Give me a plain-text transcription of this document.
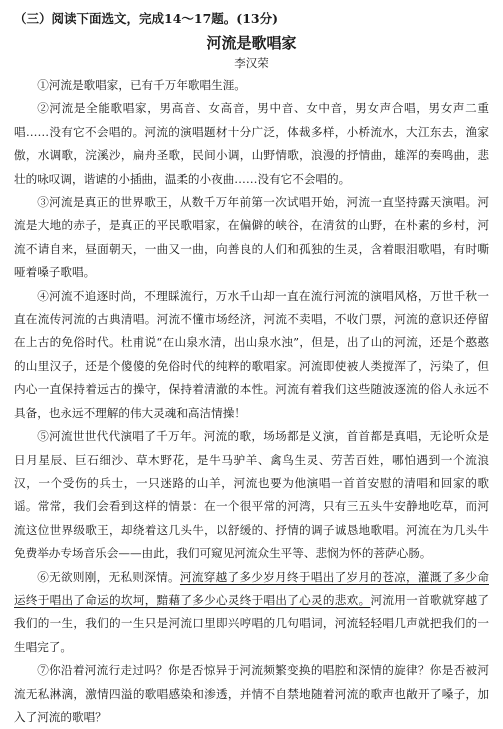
（三）阅读下面选文，完成14～17题。(13分)
河流是歌唱家
李汉荣

①河流是歌唱家，已有千万年歌唱生涯。

②河流是全能歌唱家，男高音、女高音，男中音、女中音，男女声合唱，男女声二重唱……没有它不会唱的。河流的演唱题材十分广泛，体裁多样，小桥流水，大江东去，渔家傲，水调歌，浣溪沙，扁舟圣歌，民间小调，山野情歌，浪漫的抒情曲，雄浑的奏鸣曲，悲壮的咏叹调，谐谑的小插曲，温柔的小夜曲……没有它不会唱的。

③河流是真正的世界歌王，从数千万年前第一次试唱开始，河流一直坚持露天演唱。河流是大地的赤子，是真正的平民歌唱家，在偏僻的峡谷，在清贫的山野，在朴素的乡村，河流不请自来，昼面朝天，一曲又一曲，向善良的人们和孤独的生灵，含着眼泪歌唱，有时嘶哑着嗓子歌唱。

④河流不追逐时尚，不理睬流行，万水千山却一直在流行河流的演唱风格，万世千秋一直在流传河流的古典清唱。河流不懂市场经济，河流不卖唱，不收门票，河流的意识还停留在上古的免俗时代。杜甫说“在山泉水清，出山泉水浊”，但是，出了山的河流，还是个憨憨的山里汉子，还是个傻傻的免俗时代的纯粹的歌唱家。河流即使被人类搅浑了，污染了，但内心一直保持着远古的操守，保持着清澈的本性。河流有着我们这些随波逐流的俗人永远不具备，也永远不理解的伟大灵魂和高洁情操！

⑤河流世世代代演唱了千万年。河流的歌，场场都是义演，首首都是真唱，无论听众是日月星辰、巨石细沙、草木野花，是牛马驴羊、禽鸟生灵、劳苦百姓，哪怕遇到一个流浪汉，一个受伤的兵士，一只迷路的山羊，河流也要为他演唱一首首安慰的清唱和回家的歌谣。常常，我们会看到这样的情景：在一个很平常的河湾，只有三五头牛安静地吃草，而河流这位世界级歌王，却绕着这几头牛，以舒缓的、抒情的调子诚恳地歌唱。河流在为几头牛免费举办专场音乐会——由此，我们可窥见河流众生平等、悲悯为怀的菩萨心肠。

⑥无欲则刚，无私则深情。河流穿越了多少岁月终于唱出了岁月的苍凉，灌溉了多少命运终于唱出了命运的坎坷，黯藉了多少心灵终于唱出了心灵的悲欢。河流用一首歌就穿越了我们的一生，我们的一生只是河流口里即兴哼唱的几句唱词，河流轻轻唱几声就把我们的一生唱完了。

⑦你沿着河流行走过吗？你是否惊异于河流频繁变换的唱腔和深情的旋律？你是否被河流无私淋漓，激情四溢的歌唱感染和渗透，并情不自禁地随着河流的歌声也敞开了嗓子，加入了河流的歌唱？
